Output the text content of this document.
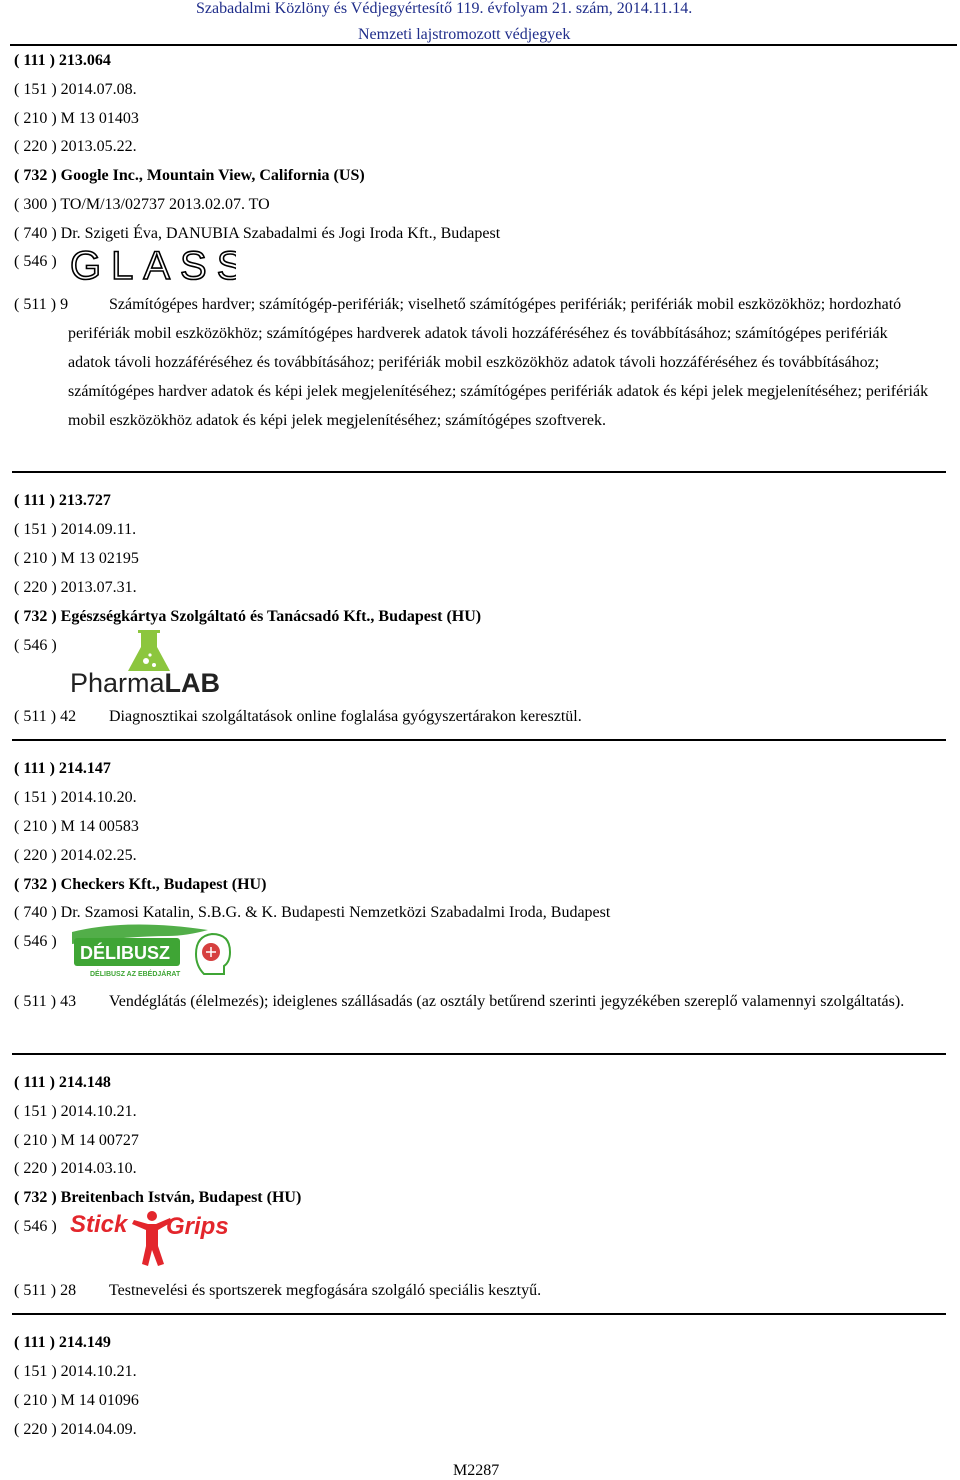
Szabadalmi Közlöny és Védjegyértesítő 119. évfolyam 21. szám, 2014.11.14.
Nemzeti lajstromozott védjegyek
( 111 ) 213.064
( 151 ) 2014.07.08.
( 210 ) M 13 01403
( 220 ) 2013.05.22.
( 732 ) Google Inc., Mountain View, California (US)
( 300 ) TO/M/13/02737 2013.02.07. TO
( 740 ) Dr. Szigeti Éva, DANUBIA Szabadalmi és Jogi Iroda Kft., Budapest
( 546 ) GLASS
( 511 ) 9	Számítógépes hardver; számítógép-perifériák; viselhető számítógépes perifériák; perifériák mobil eszközökhöz; hordozható perifériák mobil eszközökhöz; számítógépes hardverek adatok távoli hozzáféréséhez és továbbításához; számítógépes perifériák adatok távoli hozzáféréséhez és továbbításához; perifériák mobil eszközökhöz adatok távoli hozzáféréséhez és továbbításához; számítógépes hardver adatok és képi jelek megjelenítéséhez; számítógépes perifériák adatok és képi jelek megjelenítéséhez; perifériák mobil eszközökhöz adatok és képi jelek megjelenítéséhez; számítógépes szoftverek.
( 111 ) 213.727
( 151 ) 2014.09.11.
( 210 ) M 13 02195
( 220 ) 2013.07.31.
( 732 ) Egészségkártya Szolgáltató és Tanácsadó Kft., Budapest (HU)
( 546 )
PharmaLAB
( 511 ) 42	Diagnosztikai szolgáltatások online foglalása gyógyszertárakon keresztül.
( 111 ) 214.147
( 151 ) 2014.10.20.
( 210 ) M 14 00583
( 220 ) 2014.02.25.
( 732 ) Checkers Kft., Budapest (HU)
( 740 ) Dr. Szamosi Katalin, S.B.G. & K. Budapesti Nemzetközi Szabadalmi Iroda, Budapest
( 546 )
DÉLIBUSZ
DÉLIBUSZ AZ EBÉDJÁRAT
( 511 ) 43	Vendéglátás (élelmezés); ideiglenes szállásadás (az osztály betűrend szerinti jegyzékében szereplő valamennyi szolgáltatás).
( 111 ) 214.148
( 151 ) 2014.10.21.
( 210 ) M 14 00727
( 220 ) 2014.03.10.
( 732 ) Breitenbach István, Budapest (HU)
( 546 ) Stick Grips
( 511 ) 28	Testnevelési és sportszerek megfogására szolgáló speciális kesztyű.
( 111 ) 214.149
( 151 ) 2014.10.21.
( 210 ) M 14 01096
( 220 ) 2014.04.09.
M2287
